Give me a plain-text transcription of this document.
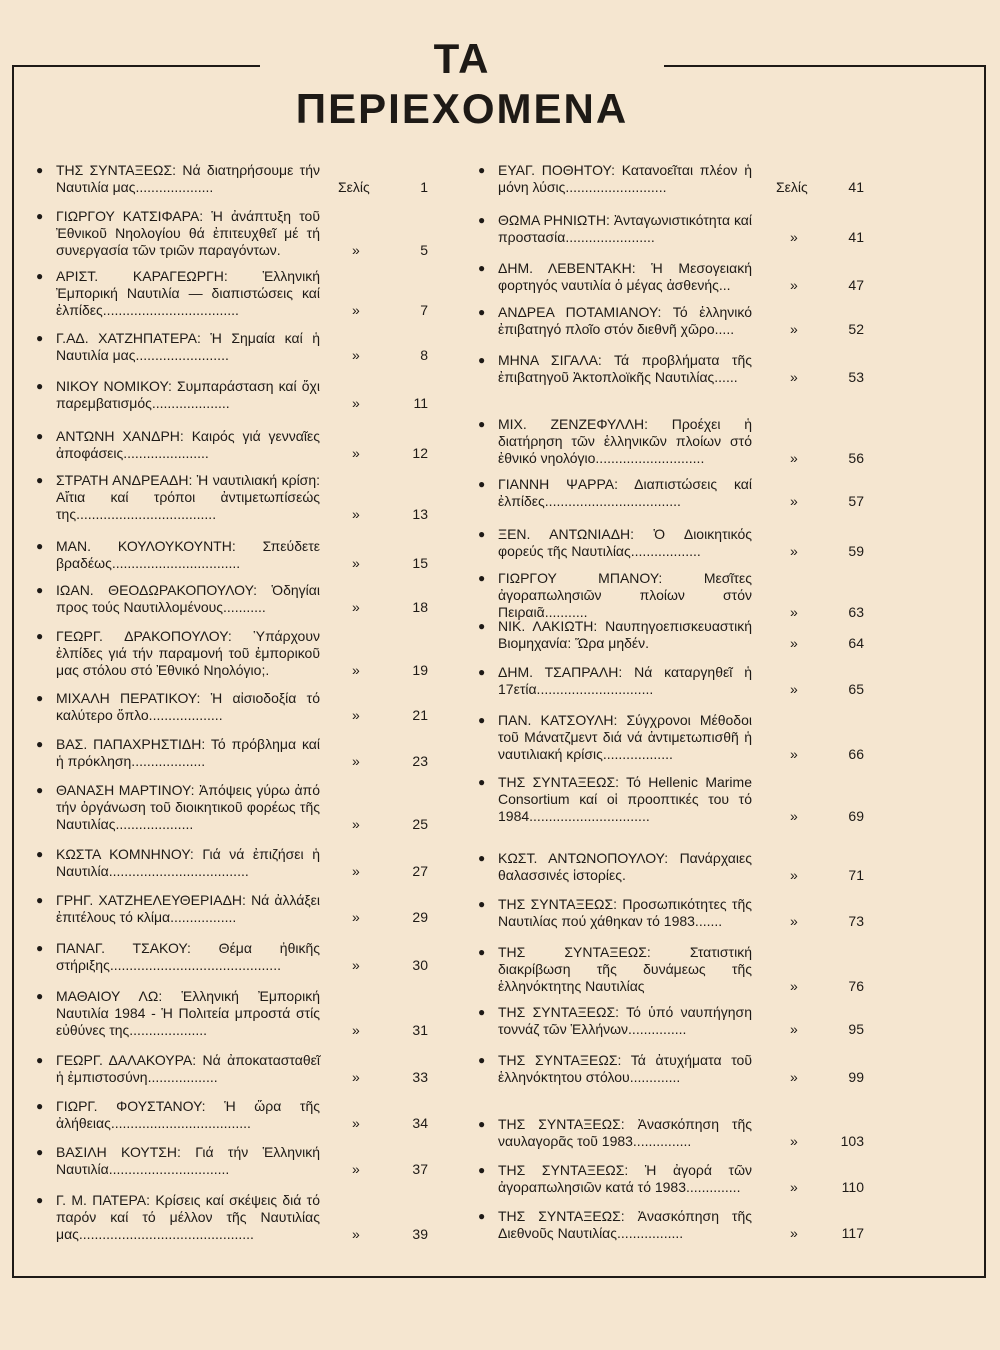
ΤΑ ΠΕΡΙΕΧΟΜΕΝΑ
● ΤΗΣ ΣΥΝΤΑΞΕΩΣ: Νά διατηρήσουμε τήν Ναυτιλία μας....................	Σελίς	1
● ΓΙΩΡΓΟΥ ΚΑΤΣΙΦΑΡΑ: Ἡ ἀνάπτυξη τοῦ Ἐθνικοῦ Νηολογίου θά ἐπιτευχθεῖ μέ τή συνεργασία τῶν τριῶν παραγόντων.	»	5
● ΑΡΙΣΤ. ΚΑΡΑΓΕΩΡΓΗ: Ἑλληνική Ἐμπορική Ναυτιλία — διαπιστώσεις καί ἐλπίδες...................................	»	7
● Γ.ΑΔ. ΧΑΤΖΗΠΑΤΕΡΑ: Ἡ Σημαία καί ἡ Ναυτιλία μας........................	»	8
● ΝΙΚΟΥ ΝΟΜΙΚΟΥ: Συμπαράσταση καί ὄχι παρεμβατισμός....................	»	11
● ΑΝΤΩΝΗ ΧΑΝΔΡΗ: Καιρός γιά γενναῖες ἀποφάσεις......................	»	12
● ΣΤΡΑΤΗ ΑΝΔΡΕΑΔΗ: Ἡ ναυτιλιακή κρίση: Αἴτια καί τρόποι ἀντιμετωπίσεώς της....................................	»	13
● ΜΑΝ. ΚΟΥΛΟΥΚΟΥΝΤΗ: Σπεύδετε βραδέως.................................	»	15
● ΙΩΑΝ. ΘΕΟΔΩΡΑΚΟΠΟΥΛΟΥ: Ὁδηγίαι προς τούς Ναυτιλλομένους...........	»	18
● ΓΕΩΡΓ. ΔΡΑΚΟΠΟΥΛΟΥ: Ὑπάρχουν ἐλπίδες γιά τήν παραμονή τοῦ ἐμπορικοῦ μας στόλου στό Ἐθνικό Νηολόγιο;.	»	19
● ΜΙΧΑΛΗ ΠΕΡΑΤΙΚΟΥ: Ἡ αἰσιοδοξία τό καλύτερο ὅπλο...................	»	21
● ΒΑΣ. ΠΑΠΑΧΡΗΣΤΙΔΗ: Τό πρόβλημα καί ἡ πρόκληση...................	»	23
● ΘΑΝΑΣΗ ΜΑΡΤΙΝΟΥ: Ἀπόψεις γύρω ἀπό τήν ὀργάνωση τοῦ διοικητικοῦ φορέως τῆς Ναυτιλίας....................	»	25
● ΚΩΣΤΑ ΚΟΜΝΗΝΟΥ: Γιά νά ἐπιζήσει ἡ Ναυτιλία....................................	»	27
● ΓΡΗΓ. ΧΑΤΖΗΕΛΕΥΘΕΡΙΑΔΗ: Νά ἀλλάξει ἐπιτέλους τό κλίμα.................	»	29
● ΠΑΝΑΓ. ΤΣΑΚΟΥ: Θέμα ἠθικῆς στήριξης............................................	»	30
● ΜΑΘΑΙΟΥ ΛΩ: Ἑλληνική Ἐμπορική Ναυτιλία 1984 - Ἡ Πολιτεία μπροστά στίς εὐθύνες της....................	»	31
● ΓΕΩΡΓ. ΔΑΛΑΚΟΥΡΑ: Νά ἀποκατασταθεῖ ἡ ἐμπιστοσύνη..................	»	33
● ΓΙΩΡΓ. ΦΟΥΣΤΑΝΟΥ: Ἡ ὥρα τῆς ἀλήθειας....................................	»	34
● ΒΑΣΙΛΗ ΚΟΥΤΣΗ: Γιά τήν Ἑλληνική Ναυτιλία...............................	»	37
● Γ. Μ. ΠΑΤΕΡΑ: Κρίσεις καί σκέψεις διά τό παρόν καί τό μέλλον τῆς Ναυτιλίας μας.............................................	»	39
● ΕΥΑΓ. ΠΟΘΗΤΟΥ: Κατανοεῖται πλέον ἡ μόνη λύσις..........................	Σελίς	41
● ΘΩΜΑ ΡΗΝΙΩΤΗ: Ἀνταγωνιστικότητα καί προστασία.......................	»	41
● ΔΗΜ. ΛΕΒΕΝΤΑΚΗ: Ἡ Μεσογειακή φορτηγός ναυτιλία ὁ μέγας ἀσθενής...	»	47
● ΑΝΔΡΕΑ ΠΟΤΑΜΙΑΝΟΥ: Τό ἑλληνικό ἐπιβατηγό πλοῖο στόν διεθνῆ χῶρο.....	»	52
● ΜΗΝΑ ΣΙΓΑΛΑ: Τά προβλήματα τῆς ἐπιβατηγοῦ Ἀκτοπλοϊκῆς Ναυτιλίας......	»	53
● ΜΙΧ. ΖΕΝΖΕΦΥΛΛΗ: Προέχει ἡ διατήρηση τῶν ἑλληνικῶν πλοίων στό ἐθνικό νηολόγιο............................	»	56
● ΓΙΑΝΝΗ ΨΑΡΡΑ: Διαπιστώσεις καί ἐλπίδες...................................	»	57
● ΞΕΝ. ΑΝΤΩΝΙΑΔΗ: Ὁ Διοικητικός φορεύς τῆς Ναυτιλίας..................	»	59
● ΓΙΩΡΓΟΥ ΜΠΑΝΟΥ: Μεσῖτες ἀγοραπωλησιῶν πλοίων στόν Πειραιᾶ...........	»	63
● ΝΙΚ. ΛΑΚΙΩΤΗ: Ναυπηγοεπισκευαστική Βιομηχανία: Ὥρα μηδέν.	»	64
● ΔΗΜ. ΤΣΑΠΡΑΛΗ: Νά καταργηθεῖ ἡ 17ετία..............................	»	65
● ΠΑΝ. ΚΑΤΣΟΥΛΗ: Σύγχρονοι Μέθοδοι τοῦ Μάνατζμεντ διά νά ἀντιμετωπισθῆ ἡ ναυτιλιακή κρίσις..................	»	66
● ΤΗΣ ΣΥΝΤΑΞΕΩΣ: Τό Hellenic Marime Consortium καί οἱ προοπτικές του τό 1984...............................	»	69
● ΚΩΣΤ. ΑΝΤΩΝΟΠΟΥΛΟΥ: Πανάρχαιες θαλασσινές ἱστορίες.	»	71
● ΤΗΣ ΣΥΝΤΑΞΕΩΣ: Προσωπικότητες τῆς Ναυτιλίας πού χάθηκαν τό 1983.......	»	73
● ΤΗΣ ΣΥΝΤΑΞΕΩΣ: Στατιστική διακρίβωση τῆς δυνάμεως τῆς ἑλληνόκτητης Ναυτιλίας	»	76
● ΤΗΣ ΣΥΝΤΑΞΕΩΣ: Τό ὑπό ναυπήγηση τοννάζ τῶν Ἑλλήνων...............	»	95
● ΤΗΣ ΣΥΝΤΑΞΕΩΣ: Τά ἀτυχήματα τοῦ ἑλληνόκτητου στόλου.............	»	99
● ΤΗΣ ΣΥΝΤΑΞΕΩΣ: Ἀνασκόπηση τῆς ναυλαγορᾶς τοῦ 1983...............	»	103
● ΤΗΣ ΣΥΝΤΑΞΕΩΣ: Ἡ ἀγορά τῶν ἀγοραπωλησιῶν κατά τό 1983..............	»	110
● ΤΗΣ ΣΥΝΤΑΞΕΩΣ: Ἀνασκόπηση τῆς Διεθνοῦς Ναυτιλίας.................	»	117
